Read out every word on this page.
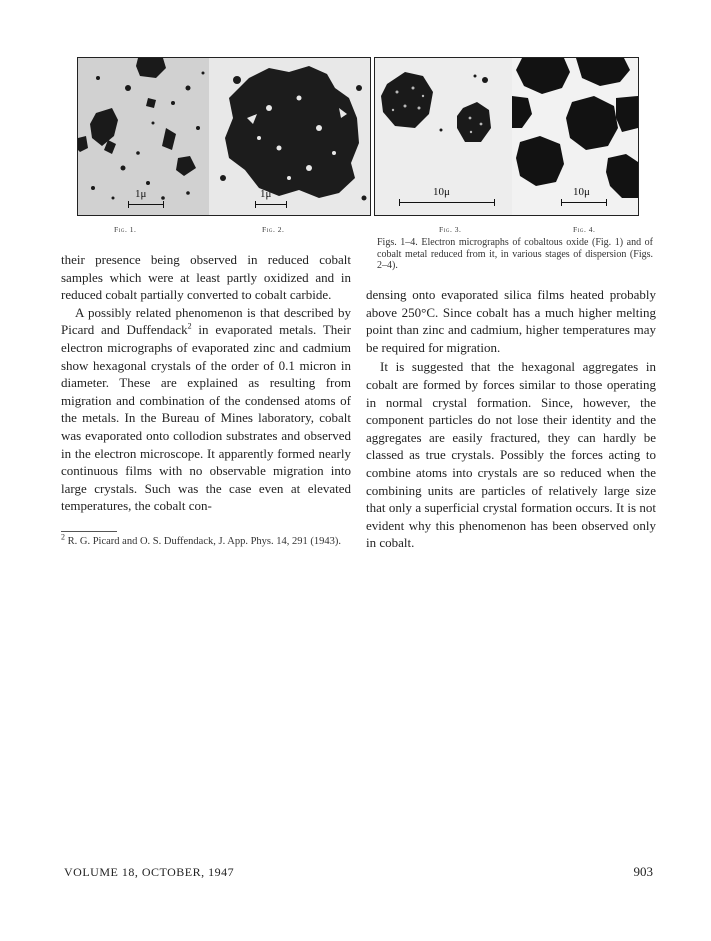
1μ	1μ	10μ	10μ
Fig. 1.	Fig. 2.	Fig. 3.	Fig. 4.
Figs. 1–4. Electron micrographs of cobaltous oxide (Fig. 1) and of cobalt metal reduced from it, in various stages of dispersion (Figs. 2–4).

their presence being observed in reduced cobalt samples which were at least partly oxidized and in reduced cobalt partially converted to cobalt carbide.

A possibly related phenomenon is that described by Picard and Duffendack$^2$ in evaporated metals. Their electron micrographs of evaporated zinc and cadmium show hexagonal crystals of the order of 0.1 micron in diameter. These are explained as resulting from migration and combination of the condensed atoms of the metals. In the Bureau of Mines laboratory, cobalt was evaporated onto collodion substrates and observed in the electron microscope. It apparently formed nearly continuous films with no observable migration into large crystals. Such was the case even at elevated temperatures, the cobalt con-

$^2$ R. G. Picard and O. S. Duffendack, J. App. Phys. 14, 291 (1943).

densing onto evaporated silica films heated probably above 250°C. Since cobalt has a much higher melting point than zinc and cadmium, higher temperatures may be required for migration.

It is suggested that the hexagonal aggregates in cobalt are formed by forces similar to those operating in normal crystal formation. Since, however, the component particles do not lose their identity and the aggregates are easily fractured, they can hardly be classed as true crystals. Possibly the forces acting to combine atoms into crystals are so reduced when the combining units are particles of relatively large size that only a superficial crystal formation occurs. It is not evident why this phenomenon has been observed only in cobalt.

VOLUME 18, OCTOBER, 1947	903
